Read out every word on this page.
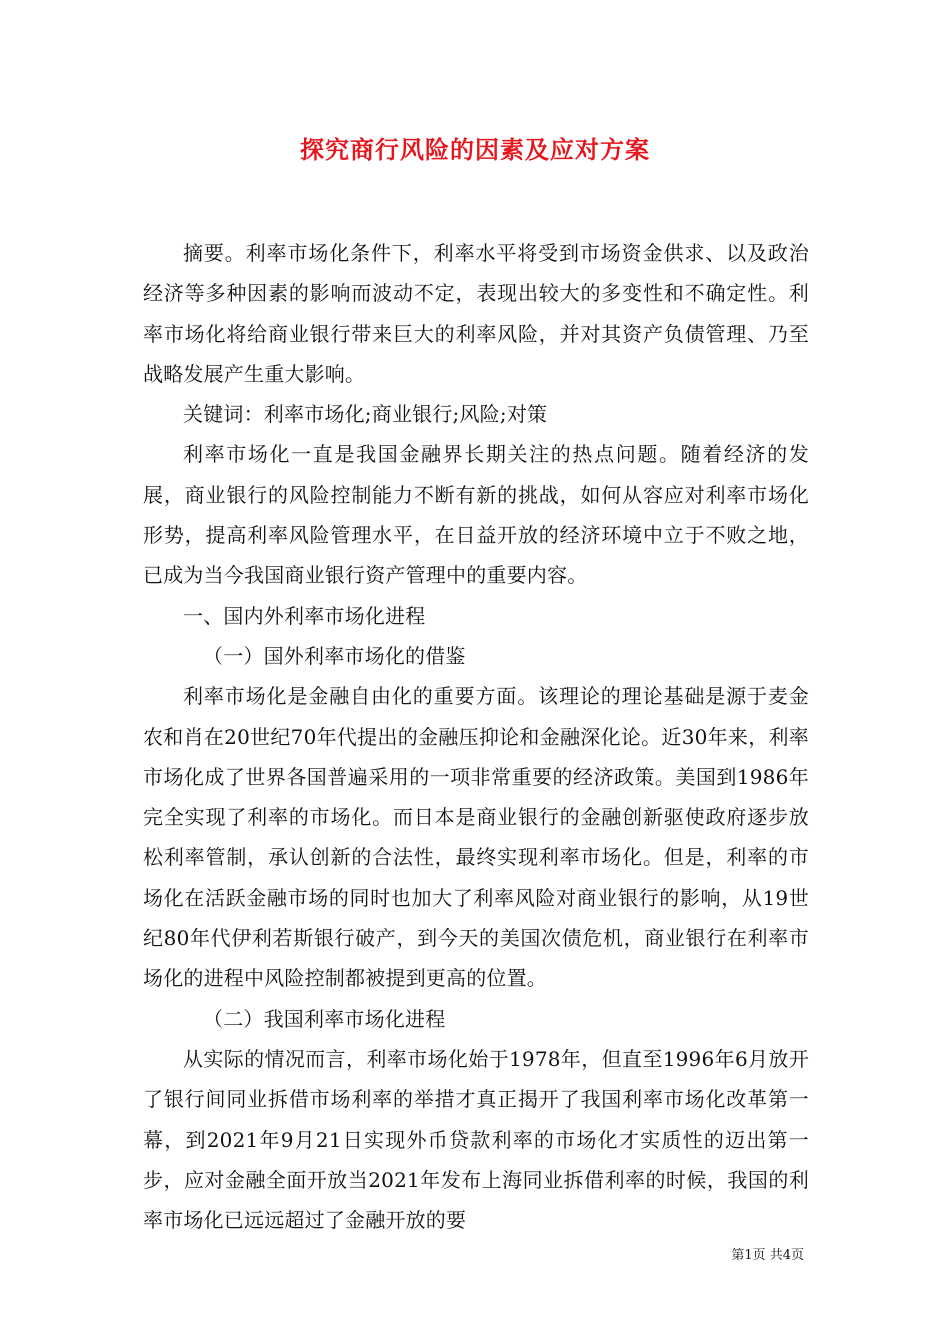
探究商行风险的因素及应对方案

摘要。利率市场化条件下，利率水平将受到市场资金供求、以及政治经济等多种因素的影响而波动不定，表现出较大的多变性和不确定性。利率市场化将给商业银行带来巨大的利率风险，并对其资产负债管理、乃至战略发展产生重大影响。

关键词：利率市场化;商业银行;风险;对策

利率市场化一直是我国金融界长期关注的热点问题。随着经济的发展，商业银行的风险控制能力不断有新的挑战，如何从容应对利率市场化形势，提高利率风险管理水平，在日益开放的经济环境中立于不败之地，已成为当今我国商业银行资产管理中的重要内容。

一、国内外利率市场化进程

（一）国外利率市场化的借鉴

利率市场化是金融自由化的重要方面。该理论的理论基础是源于麦金农和肖在20世纪70年代提出的金融压抑论和金融深化论。近30年来，利率市场化成了世界各国普遍采用的一项非常重要的经济政策。美国到1986年完全实现了利率的市场化。而日本是商业银行的金融创新驱使政府逐步放松利率管制，承认创新的合法性，最终实现利率市场化。但是，利率的市场化在活跃金融市场的同时也加大了利率风险对商业银行的影响，从19世纪80年代伊利若斯银行破产，到今天的美国次债危机，商业银行在利率市场化的进程中风险控制都被提到更高的位置。

（二）我国利率市场化进程

从实际的情况而言，利率市场化始于1978年，但直至1996年6月放开了银行间同业拆借市场利率的举措才真正揭开了我国利率市场化改革第一幕，到2021年9月21日实现外币贷款利率的市场化才实质性的迈出第一步，应对金融全面开放当2021年发布上海同业拆借利率的时候，我国的利率市场化已远远超过了金融开放的要

第1页 共4页
